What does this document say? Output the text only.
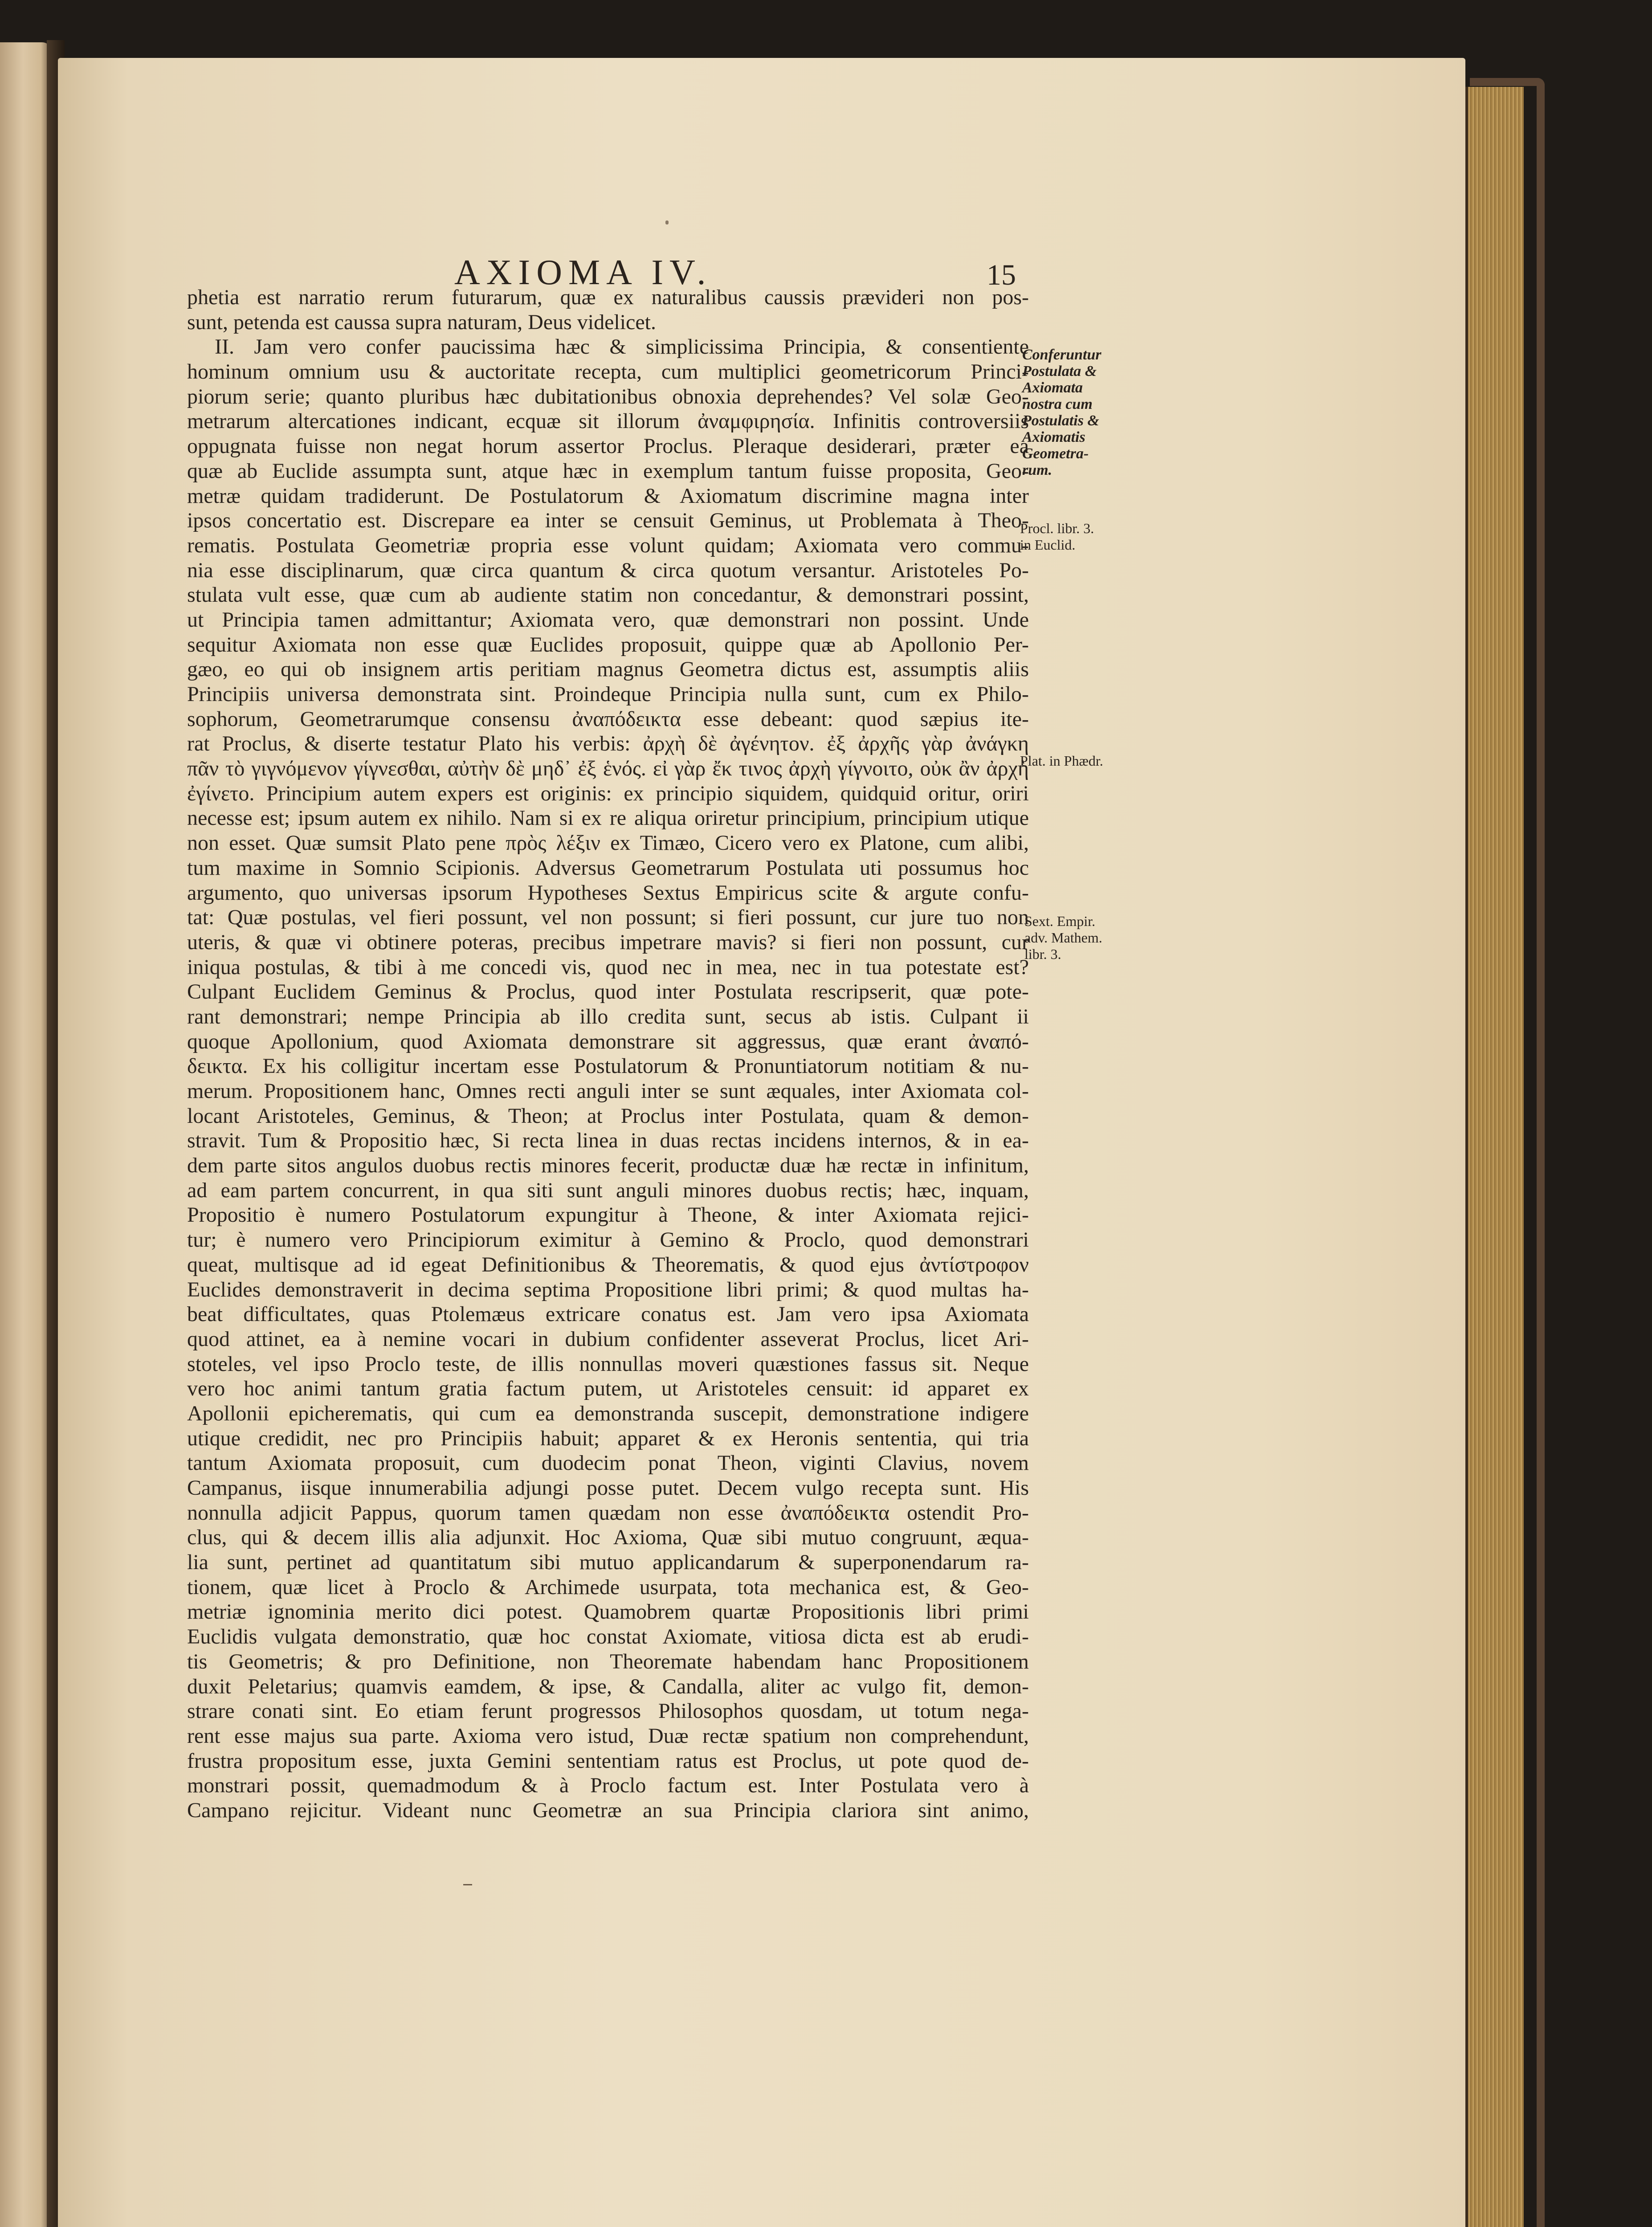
AXIOMA IV.	15
phetia est narratio rerum futurarum, quæ ex naturalibus caussis prævideri non pos-
sunt, petenda est caussa supra naturam, Deus videlicet.
II. Jam vero confer paucissima hæc & simplicissima Principia, & consentiente
hominum omnium usu & auctoritate recepta, cum multiplici geometricorum Princi-
piorum serie; quanto pluribus hæc dubitationibus obnoxia deprehendes? Vel solæ Geo-
metrarum altercationes indicant, ecquæ sit illorum ἀναμφιρησία. Infinitis controversiis
oppugnata fuisse non negat horum assertor Proclus. Pleraque desiderari, præter ea
quæ ab Euclide assumpta sunt, atque hæc in exemplum tantum fuisse proposita, Geo-
metræ quidam tradiderunt. De Postulatorum & Axiomatum discrimine magna inter
ipsos concertatio est. Discrepare ea inter se censuit Geminus, ut Problemata à Theo-
rematis. Postulata Geometriæ propria esse volunt quidam; Axiomata vero commu-
nia esse disciplinarum, quæ circa quantum & circa quotum versantur. Aristoteles Po-
stulata vult esse, quæ cum ab audiente statim non concedantur, & demonstrari possint,
ut Principia tamen admittantur; Axiomata vero, quæ demonstrari non possint. Unde
sequitur Axiomata non esse quæ Euclides proposuit, quippe quæ ab Apollonio Per-
gæo, eo qui ob insignem artis peritiam magnus Geometra dictus est, assumptis aliis
Principiis universa demonstrata sint. Proindeque Principia nulla sunt, cum ex Philo-
sophorum, Geometrarumque consensu ἀναπόδεικτα esse debeant: quod sæpius ite-
rat Proclus, & diserte testatur Plato his verbis: ἀρχὴ δὲ ἀγένητον. ἐξ ἀρχῆς γὰρ ἀνάγκη
πᾶν τὸ γιγνόμενον γίγνεσθαι, αὐτὴν δὲ μηδ᾽ ἐξ ἑνός. εἰ γὰρ ἔκ τινος ἀρχὴ γίγνοιτο, οὐκ ἂν ἀρχὴ
ἐγίνετο. Principium autem expers est originis: ex principio siquidem, quidquid oritur, oriri
necesse est; ipsum autem ex nihilo. Nam si ex re aliqua oriretur principium, principium utique
non esset. Quæ sumsit Plato pene πρὸς λέξιν ex Timæo, Cicero vero ex Platone, cum alibi,
tum maxime in Somnio Scipionis. Adversus Geometrarum Postulata uti possumus hoc
argumento, quo universas ipsorum Hypotheses Sextus Empiricus scite & argute confu-
tat: Quæ postulas, vel fieri possunt, vel non possunt; si fieri possunt, cur jure tuo non
uteris, & quæ vi obtinere poteras, precibus impetrare mavis? si fieri non possunt, cur
iniqua postulas, & tibi à me concedi vis, quod nec in mea, nec in tua potestate est?
Culpant Euclidem Geminus & Proclus, quod inter Postulata rescripserit, quæ pote-
rant demonstrari; nempe Principia ab illo credita sunt, secus ab istis. Culpant ii
quoque Apollonium, quod Axiomata demonstrare sit aggressus, quæ erant ἀναπό-
δεικτα. Ex his colligitur incertam esse Postulatorum & Pronuntiatorum notitiam & nu-
merum. Propositionem hanc, Omnes recti anguli inter se sunt æquales, inter Axiomata col-
locant Aristoteles, Geminus, & Theon; at Proclus inter Postulata, quam & demon-
stravit. Tum & Propositio hæc, Si recta linea in duas rectas incidens internos, & in ea-
dem parte sitos angulos duobus rectis minores fecerit, productæ duæ hæ rectæ in infinitum,
ad eam partem concurrent, in qua siti sunt anguli minores duobus rectis; hæc, inquam,
Propositio è numero Postulatorum expungitur à Theone, & inter Axiomata rejici-
tur; è numero vero Principiorum eximitur à Gemino & Proclo, quod demonstrari
queat, multisque ad id egeat Definitionibus & Theorematis, & quod ejus ἀντίστροφον
Euclides demonstraverit in decima septima Propositione libri primi; & quod multas ha-
beat difficultates, quas Ptolemæus extricare conatus est. Jam vero ipsa Axiomata
quod attinet, ea à nemine vocari in dubium confidenter asseverat Proclus, licet Ari-
stoteles, vel ipso Proclo teste, de illis nonnullas moveri quæstiones fassus sit. Neque
vero hoc animi tantum gratia factum putem, ut Aristoteles censuit: id apparet ex
Apollonii epicherematis, qui cum ea demonstranda suscepit, demonstratione indigere
utique credidit, nec pro Principiis habuit; apparet & ex Heronis sententia, qui tria
tantum Axiomata proposuit, cum duodecim ponat Theon, viginti Clavius, novem
Campanus, iisque innumerabilia adjungi posse putet. Decem vulgo recepta sunt. His
nonnulla adjicit Pappus, quorum tamen quædam non esse ἀναπόδεικτα ostendit Pro-
clus, qui & decem illis alia adjunxit. Hoc Axioma, Quæ sibi mutuo congruunt, æqua-
lia sunt, pertinet ad quantitatum sibi mutuo applicandarum & superponendarum ra-
tionem, quæ licet à Proclo & Archimede usurpata, tota mechanica est, & Geo-
metriæ ignominia merito dici potest. Quamobrem quartæ Propositionis libri primi
Euclidis vulgata demonstratio, quæ hoc constat Axiomate, vitiosa dicta est ab erudi-
tis Geometris; & pro Definitione, non Theoremate habendam hanc Propositionem
duxit Peletarius; quamvis eamdem, & ipse, & Candalla, aliter ac vulgo fit, demon-
strare conati sint. Eo etiam ferunt progressos Philosophos quosdam, ut totum nega-
rent esse majus sua parte. Axioma vero istud, Duæ rectæ spatium non comprehendunt,
frustra propositum esse, juxta Gemini sententiam ratus est Proclus, ut pote quod de-
monstrari possit, quemadmodum & à Proclo factum est. Inter Postulata vero à
Campano rejicitur. Videant nunc Geometræ an sua Principia clariora sint animo,
Conferuntur
Postulata &
Axiomata
nostra cum
Postulatis &
Axiomatis
Geometra-
rum.
Procl. libr. 3.
in Euclid.
Plat. in Phædr.
Sext. Empir.
adv. Mathem.
libr. 3.
